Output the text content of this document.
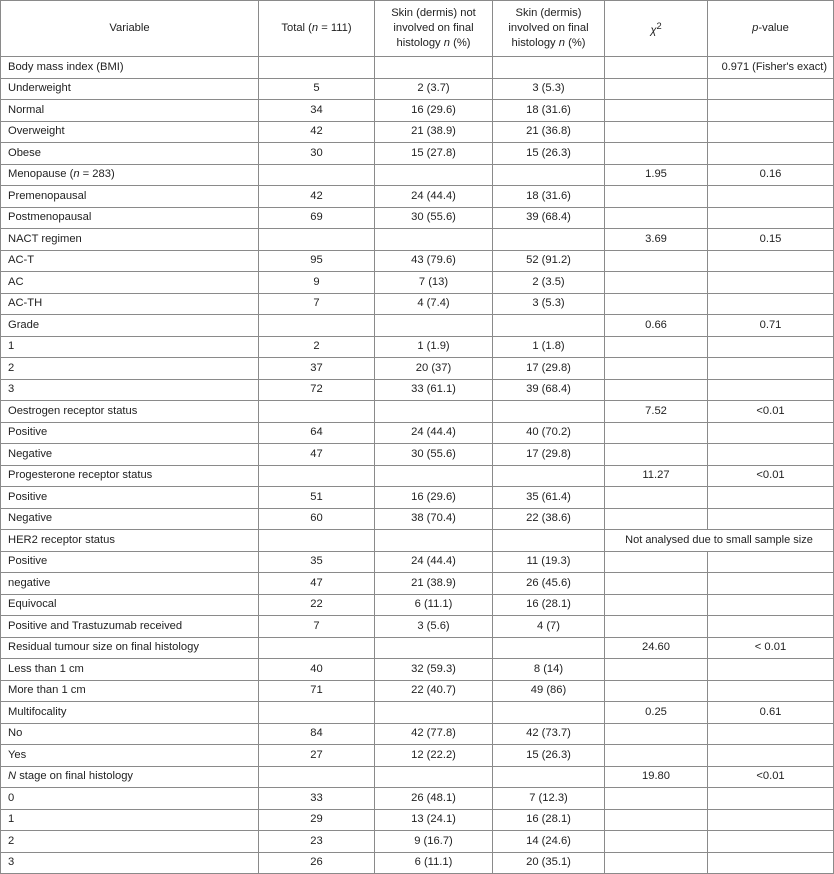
Variable	Total (n = 111)	Skin (dermis) not involved on final histology n (%)	Skin (dermis) involved on final histology n (%)	$\chi^2$	p-value
Body mass index (BMI)					0.971 (Fisher's exact)
Underweight	5	2 (3.7)	3 (5.3)		
Normal	34	16 (29.6)	18 (31.6)		
Overweight	42	21 (38.9)	21 (36.8)		
Obese	30	15 (27.8)	15 (26.3)		
Menopause (n = 283)				1.95	0.16
Premenopausal	42	24 (44.4)	18 (31.6)		
Postmenopausal	69	30 (55.6)	39 (68.4)		
NACT regimen				3.69	0.15
AC-T	95	43 (79.6)	52 (91.2)		
AC	9	7 (13)	2 (3.5)		
AC-TH	7	4 (7.4)	3 (5.3)		
Grade				0.66	0.71
1	2	1 (1.9)	1 (1.8)		
2	37	20 (37)	17 (29.8)		
3	72	33 (61.1)	39 (68.4)		
Oestrogen receptor status				7.52	<0.01
Positive	64	24 (44.4)	40 (70.2)		
Negative	47	30 (55.6)	17 (29.8)		
Progesterone receptor status				11.27	<0.01
Positive	51	16 (29.6)	35 (61.4)		
Negative	60	38 (70.4)	22 (38.6)		
HER2 receptor status				Not analysed due to small sample size	
Positive	35	24 (44.4)	11 (19.3)		
negative	47	21 (38.9)	26 (45.6)		
Equivocal	22	6 (11.1)	16 (28.1)		
Positive and Trastuzumab received	7	3 (5.6)	4 (7)		
Residual tumour size on final histology				24.60	< 0.01
Less than 1 cm	40	32 (59.3)	8 (14)		
More than 1 cm	71	22 (40.7)	49 (86)		
Multifocality				0.25	0.61
No	84	42 (77.8)	42 (73.7)		
Yes	27	12 (22.2)	15 (26.3)		
N stage on final histology				19.80	<0.01
0	33	26 (48.1)	7 (12.3)		
1	29	13 (24.1)	16 (28.1)		
2	23	9 (16.7)	14 (24.6)		
3	26	6 (11.1)	20 (35.1)		
